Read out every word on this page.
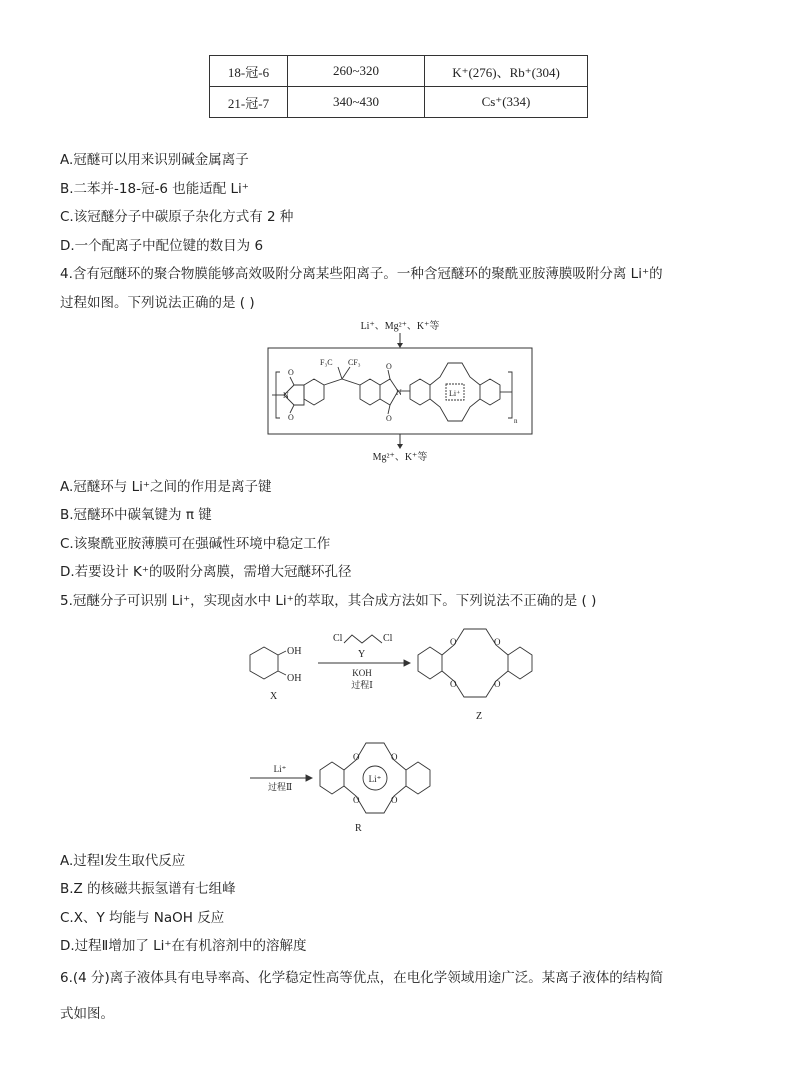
18-冠-6	260~320	K⁺(276)、Rb⁺(304)
21-冠-7	340~430	Cs⁺(334)
A.冠醚可以用来识别碱金属离子
B.二苯并-18-冠-6 也能适配 Li⁺
C.该冠醚分子中碳原子杂化方式有 2 种
D.一个配离子中配位键的数目为 6
4.含有冠醚环的聚合物膜能够高效吸附分离某些阳离子。一种含冠醚环的聚酰亚胺薄膜吸附分离 Li⁺的
过程如图。下列说法正确的是 ( )
Li⁺、Mg²⁺、K⁺等
O
O
N
F₃C CF₃	O
O
N	Li⁺
n
Mg²⁺、K⁺等
A.冠醚环与 Li⁺之间的作用是离子键
B.冠醚环中碳氧键为 π 键
C.该聚酰亚胺薄膜可在强碱性环境中稳定工作
D.若要设计 K⁺的吸附分离膜，需增大冠醚环孔径
5.冠醚分子可识别 Li⁺，实现卤水中 Li⁺的萃取，其合成方法如下。下列说法不正确的是 ( )
OH
OH
X
Cl	Cl
Y
KOH
过程Ⅰ
O	O
O	O
Z
Li⁺
过程Ⅱ
O	O
O	O
Li⁺
R
A.过程Ⅰ发生取代反应
B.Z 的核磁共振氢谱有七组峰
C.X、Y 均能与 NaOH 反应
D.过程Ⅱ增加了 Li⁺在有机溶剂中的溶解度
6.(4 分)离子液体具有电导率高、化学稳定性高等优点，在电化学领域用途广泛。某离子液体的结构简
式如图。
